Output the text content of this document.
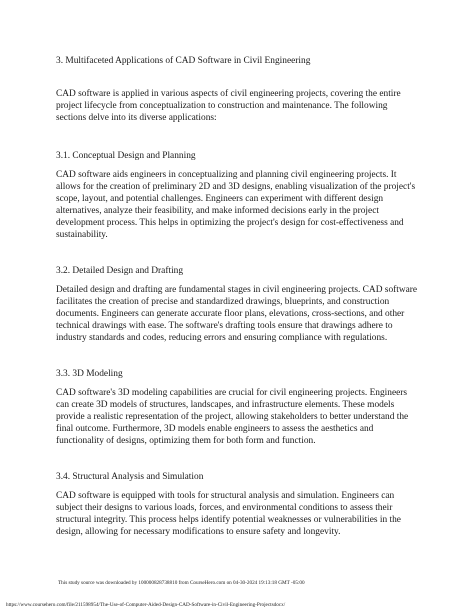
3. Multifaceted Applications of CAD Software in Civil Engineering

CAD software is applied in various aspects of civil engineering projects, covering the entire project lifecycle from conceptualization to construction and maintenance. The following sections delve into its diverse applications:

3.1. Conceptual Design and Planning

CAD software aids engineers in conceptualizing and planning civil engineering projects. It allows for the creation of preliminary 2D and 3D designs, enabling visualization of the project's scope, layout, and potential challenges. Engineers can experiment with different design alternatives, analyze their feasibility, and make informed decisions early in the project development process. This helps in optimizing the project's design for cost-effectiveness and sustainability.

3.2. Detailed Design and Drafting

Detailed design and drafting are fundamental stages in civil engineering projects. CAD software facilitates the creation of precise and standardized drawings, blueprints, and construction documents. Engineers can generate accurate floor plans, elevations, cross-sections, and other technical drawings with ease. The software's drafting tools ensure that drawings adhere to industry standards and codes, reducing errors and ensuring compliance with regulations.

3.3. 3D Modeling

CAD software's 3D modeling capabilities are crucial for civil engineering projects. Engineers can create 3D models of structures, landscapes, and infrastructure elements. These models provide a realistic representation of the project, allowing stakeholders to better understand the final outcome. Furthermore, 3D models enable engineers to assess the aesthetics and functionality of designs, optimizing them for both form and function.

3.4. Structural Analysis and Simulation

CAD software is equipped with tools for structural analysis and simulation. Engineers can subject their designs to various loads, forces, and environmental conditions to assess their structural integrity. This process helps identify potential weaknesses or vulnerabilities in the design, allowing for necessary modifications to ensure safety and longevity.

This study source was downloaded by 100000828738810 from CourseHero.com on 04-30-2024 19:13:18 GMT -05:00
https://www.coursehero.com/file/211598954/The-Use-of-Computer-Aided-Design-CAD-Software-in-Civil-Engineering-Projectsdocx/
